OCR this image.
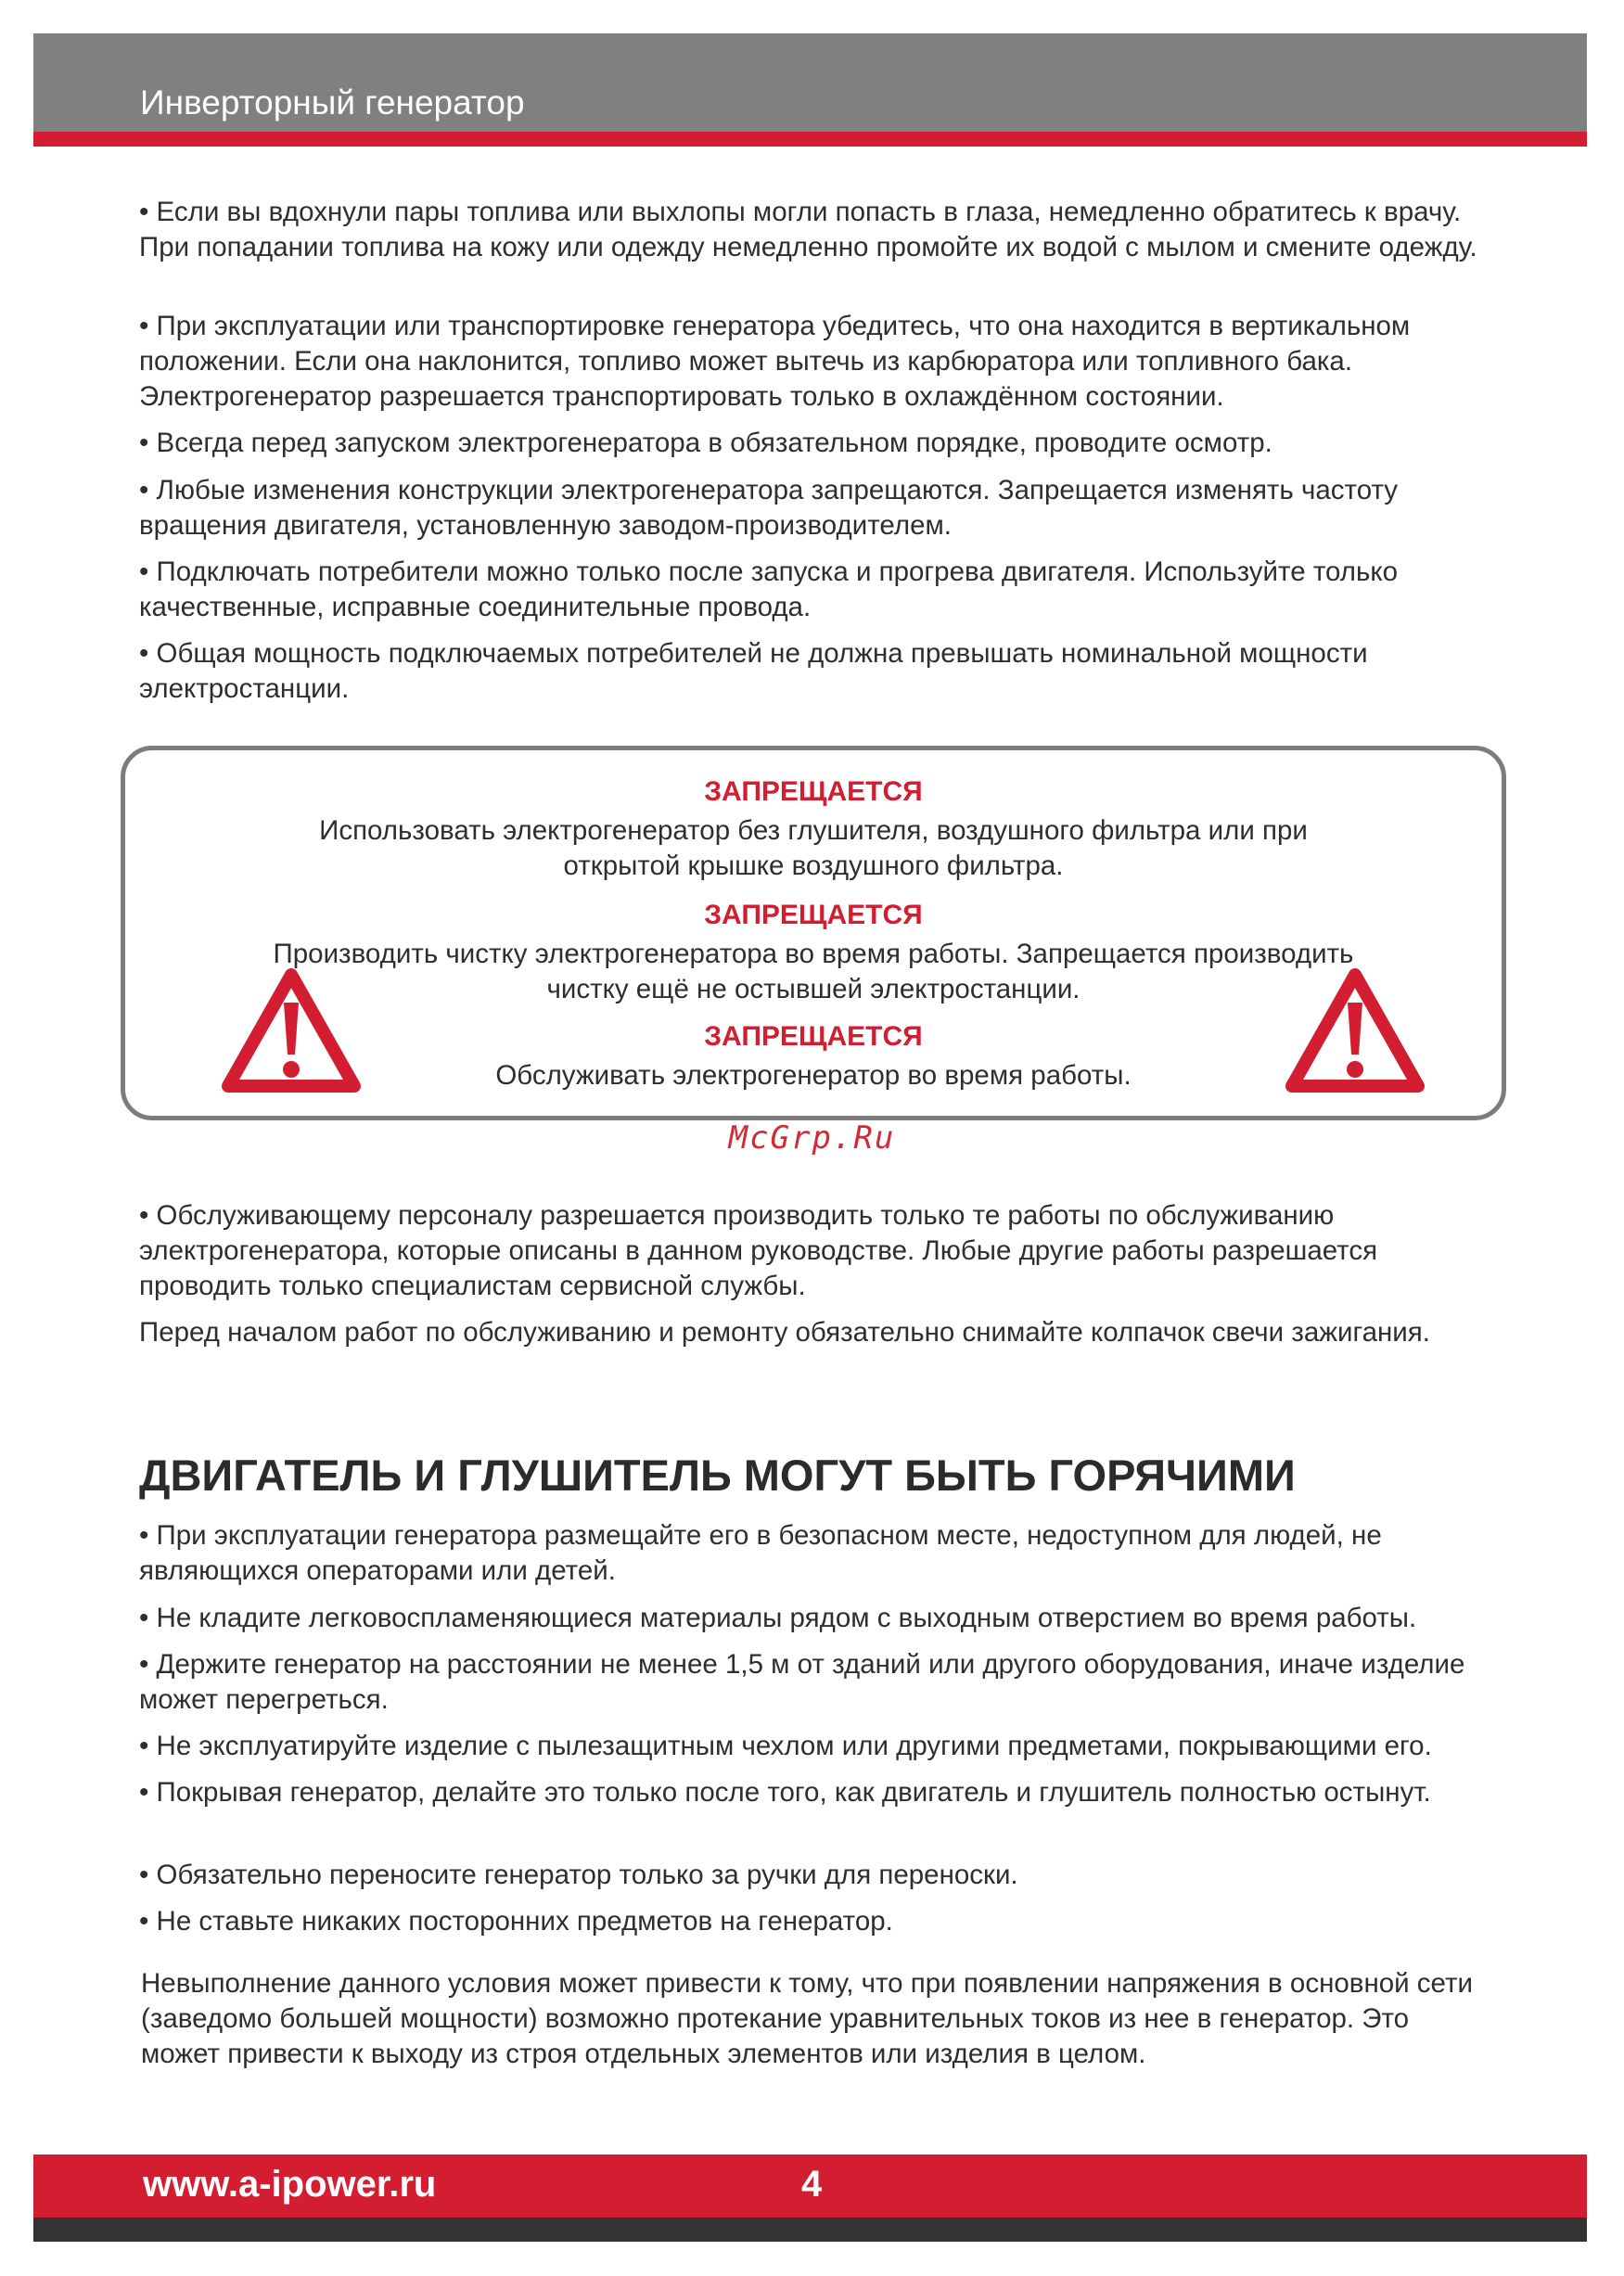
Инверторный генератор

• Если вы вдохнули пары топлива или выхлопы могли попасть в глаза, немедленно обратитесь к врачу. При попадании топлива на кожу или одежду немедленно промойте их водой с мылом и смените одежду.

• При эксплуатации или транспортировке генератора убедитесь, что она находится в вертикальном положении. Если она наклонится, топливо может вытечь из карбюратора или топливного бака. Электрогенератор разрешается транспортировать только в охлаждённом состоянии.

• Всегда перед запуском электрогенератора в обязательном порядке, проводите осмотр.

• Любые изменения конструкции электрогенератора запрещаются. Запрещается изменять частоту вращения двигателя, установленную заводом-производителем.

• Подключать потребители можно только после запуска и прогрева двигателя. Используйте только качественные, исправные соединительные провода.

• Общая мощность подключаемых потребителей не должна превышать номинальной мощности электростанции.

ЗАПРЕЩАЕТСЯ
Использовать электрогенератор без глушителя, воздушного фильтра или при
открытой крышке воздушного фильтра.
ЗАПРЕЩАЕТСЯ
Производить чистку электрогенератора во время работы. Запрещается производить
чистку ещё не остывшей электростанции.
ЗАПРЕЩАЕТСЯ
Обслуживать электрогенератор во время работы.
McGrp.Ru

• Обслуживающему персоналу разрешается производить только те работы по обслуживанию электрогенератора, которые описаны в данном руководстве. Любые другие работы разрешается проводить только специалистам сервисной службы.

Перед началом работ по обслуживанию и ремонту обязательно снимайте колпачок свечи зажигания.

ДВИГАТЕЛЬ И ГЛУШИТЕЛЬ МОГУТ БЫТЬ ГОРЯЧИМИ

• При эксплуатации генератора размещайте его в безопасном месте, недоступном для людей, не являющихся операторами или детей.

• Не кладите легковоспламеняющиеся материалы рядом с выходным отверстием во время работы.

• Держите генератор на расстоянии не менее 1,5 м от зданий или другого оборудования, иначе изделие может перегреться.

• Не эксплуатируйте изделие с пылезащитным чехлом или другими предметами, покрывающими его.

• Покрывая генератор, делайте это только после того, как двигатель и глушитель полностью остынут.

• Обязательно переносите генератор только за ручки для переноски.

• Не ставьте никаких посторонних предметов на генератор.

Невыполнение данного условия может привести к тому, что при появлении напряжения в основной сети (заведомо большей мощности) возможно протекание уравнительных токов из нее в генератор. Это может привести к выходу из строя отдельных элементов или изделия в целом.

www.a-ipower.ru	4
